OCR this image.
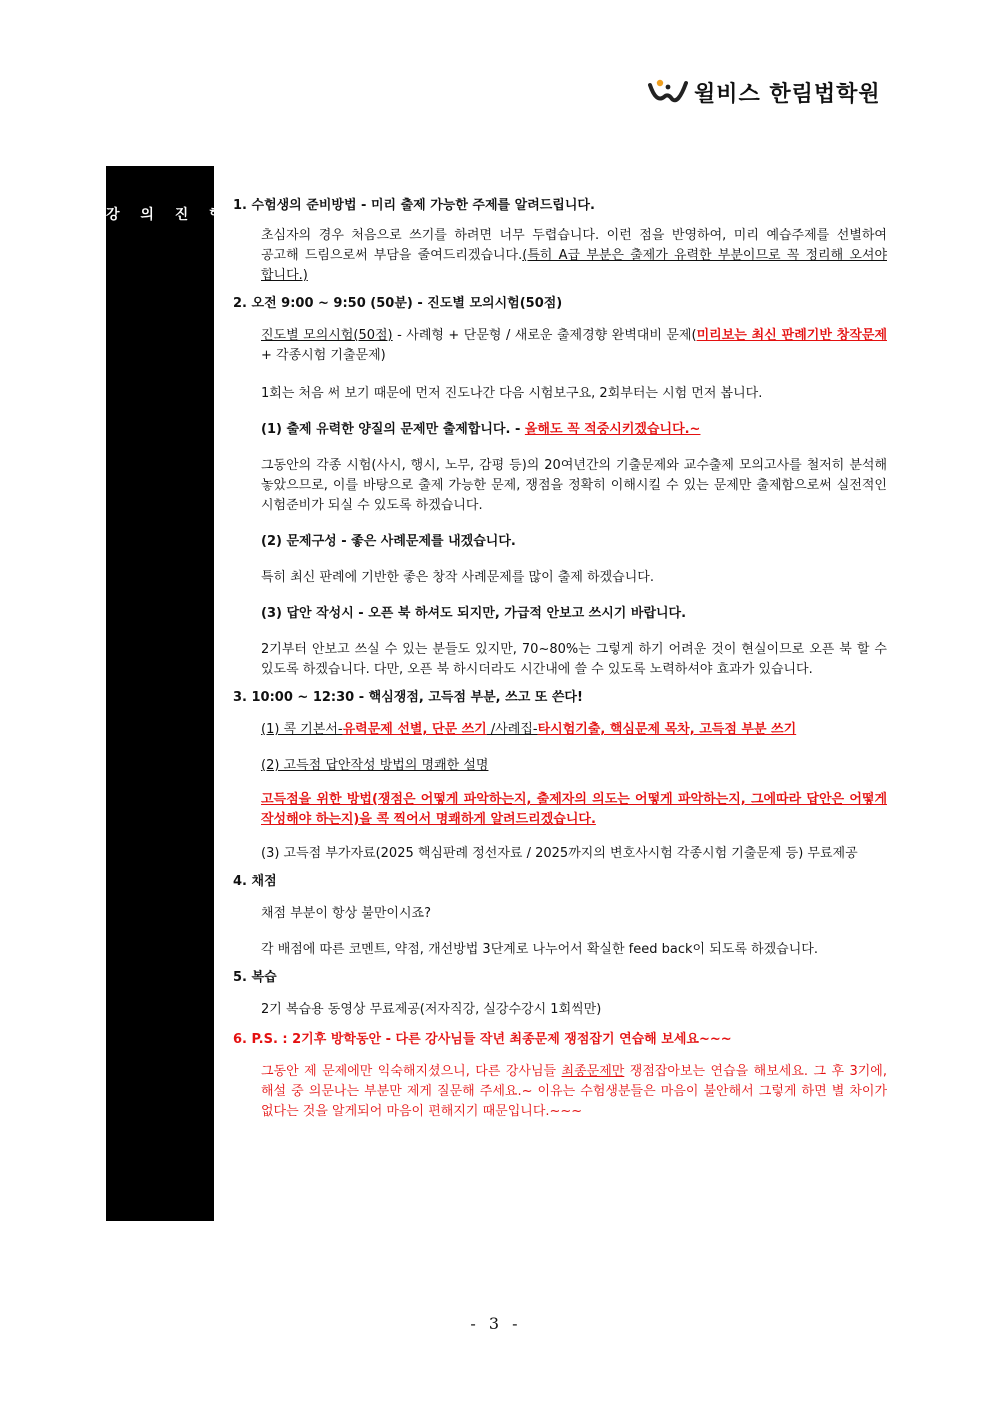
윌비스 한림법학원
강 의 진 행
1. 수험생의 준비방법 - 미리 출제 가능한 주제를 알려드립니다.
초심자의 경우 처음으로 쓰기를 하려면 너무 두렵습니다. 이런 점을 반영하여, 미리 예습주제를 선별하여 공고해 드림으로써 부담을 줄여드리겠습니다.(특히 A급 부분은 출제가 유력한 부분이므로 꼭 정리해 오셔야 합니다.)
2. 오전 9:00 ~ 9:50 (50분) - 진도별 모의시험(50점)
진도별 모의시험(50점) - 사례형 + 단문형 / 새로운 출제경향 완벽대비 문제(미리보는 최신 판례기반 창작문제 + 각종시험 기출문제)
1회는 처음 써 보기 때문에 먼저 진도나간 다음 시험보구요, 2회부터는 시험 먼저 봅니다.
(1) 출제 유력한 양질의 문제만 출제합니다. - 올해도 꼭 적중시키겠습니다.~
그동안의 각종 시험(사시, 행시, 노무, 감평 등)의 20여년간의 기출문제와 교수출제 모의고사를 철저히 분석해 놓았으므로, 이를 바탕으로 출제 가능한 문제, 쟁점을 정확히 이해시킬 수 있는 문제만 출제함으로써 실전적인 시험준비가 되실 수 있도록 하겠습니다.
(2) 문제구성 - 좋은 사례문제를 내겠습니다.
특히 최신 판례에 기반한 좋은 창작 사례문제를 많이 출제 하겠습니다.
(3) 답안 작성시 - 오픈 북 하셔도 되지만, 가급적 안보고 쓰시기 바랍니다.
2기부터 안보고 쓰실 수 있는 분들도 있지만, 70~80%는 그렇게 하기 어려운 것이 현실이므로 오픈 북 할 수 있도록 하겠습니다. 다만, 오픈 북 하시더라도 시간내에 쓸 수 있도록 노력하셔야 효과가 있습니다.
3. 10:00 ~ 12:30 - 핵심쟁점, 고득점 부분, 쓰고 또 쓴다!
(1) 콕 기본서-유력문제 선별, 단문 쓰기 /사례집-타시험기출, 핵심문제 목차, 고득점 부분 쓰기
(2) 고득점 답안작성 방법의 명쾌한 설명
고득점을 위한 방법(쟁점은 어떻게 파악하는지, 출제자의 의도는 어떻게 파악하는지, 그에따라 답안은 어떻게 작성해야 하는지)을 콕 찍어서 명쾌하게 알려드리겠습니다.
(3) 고득점 부가자료(2025 핵심판례 정선자료 / 2025까지의 변호사시험 각종시험 기출문제 등) 무료제공
4. 채점
채점 부분이 항상 불만이시죠?
각 배점에 따른 코멘트, 약점, 개선방법 3단계로 나누어서 확실한 feed back이 되도록 하겠습니다.
5. 복습
2기 복습용 동영상 무료제공(저자직강, 실강수강시 1회씩만)
6. P.S. : 2기후 방학동안 - 다른 강사님들 작년 최종문제 쟁점잡기 연습해 보세요~~~
그동안 제 문제에만 익숙해지셨으니, 다른 강사님들 최종문제만 쟁점잡아보는 연습을 해보세요. 그 후 3기에, 해설 중 의문나는 부분만 제게 질문해 주세요.~ 이유는 수험생분들은 마음이 불안해서 그렇게 하면 별 차이가 없다는 것을 알게되어 마음이 편해지기 때문입니다.~~~
- 3 -
